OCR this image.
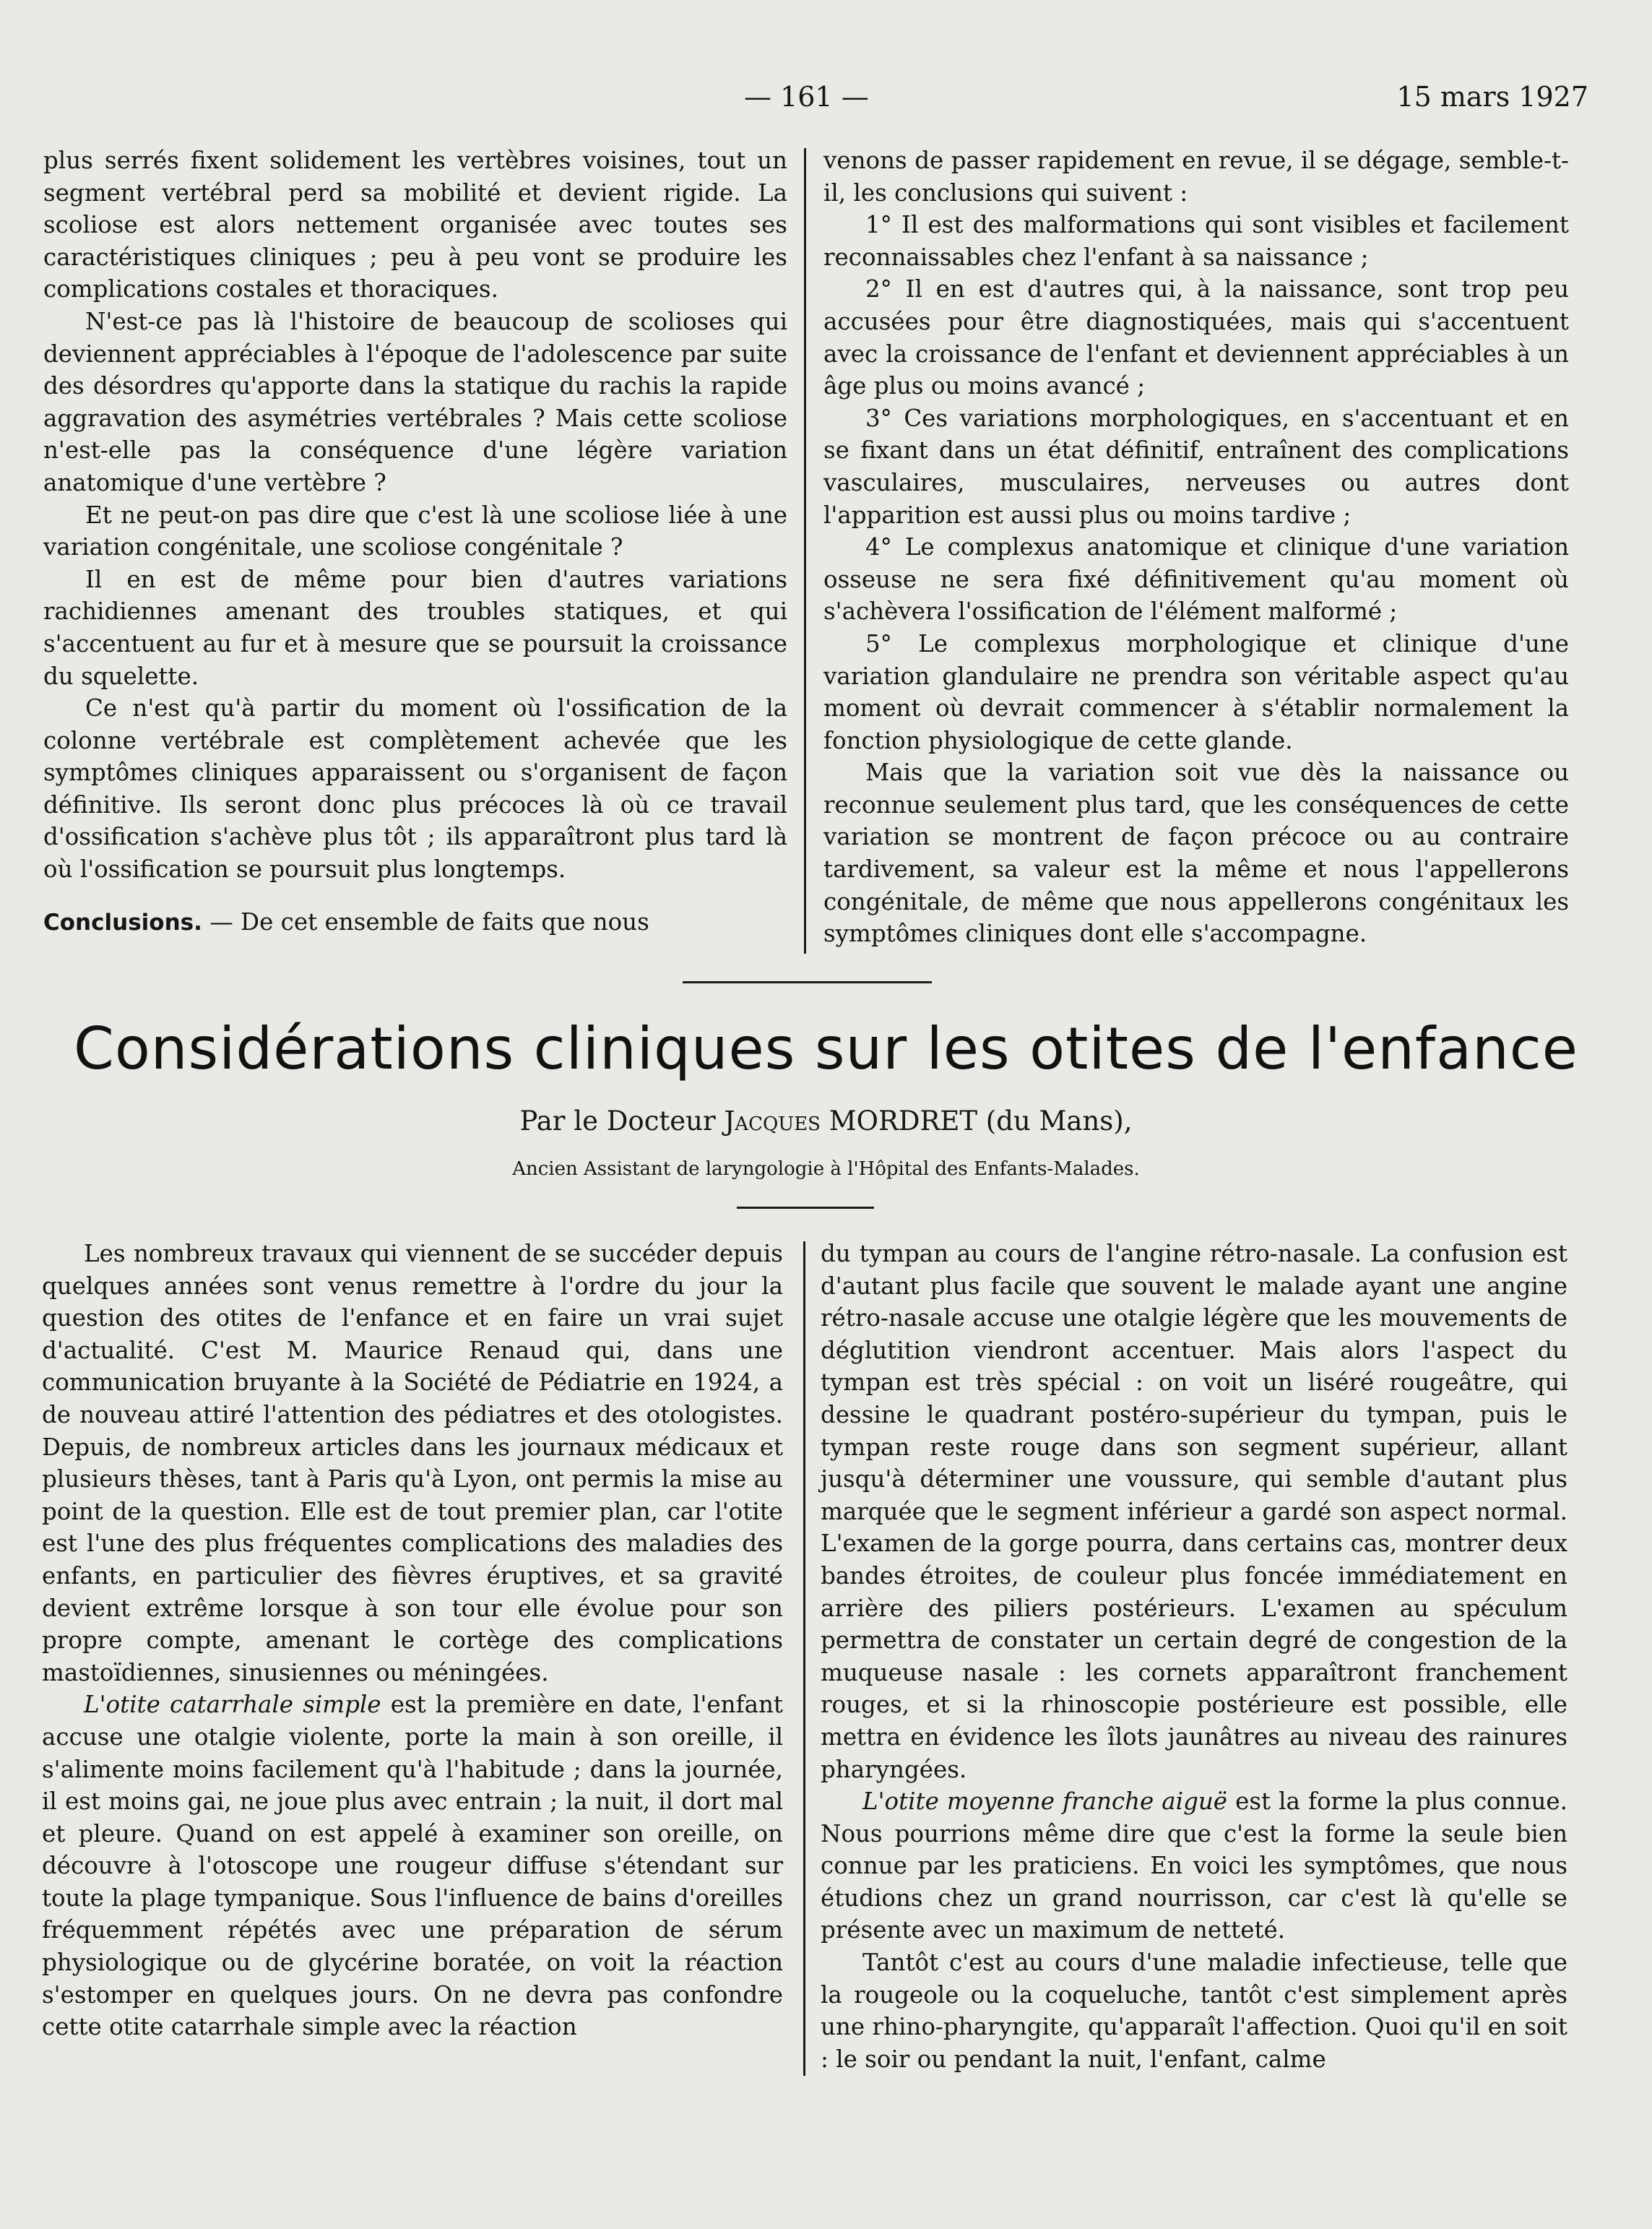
— 161 —	15 mars 1927

plus serrés fixent solidement les vertèbres voisines, tout un segment vertébral perd sa mobilité et devient rigide. La scoliose est alors nettement organisée avec toutes ses caractéristiques cliniques ; peu à peu vont se produire les complications costales et thoraciques.

N'est-ce pas là l'histoire de beaucoup de scolioses qui deviennent appréciables à l'époque de l'adolescence par suite des désordres qu'apporte dans la statique du rachis la rapide aggravation des asymétries vertébrales ? Mais cette scoliose n'est-elle pas la conséquence d'une légère variation anatomique d'une vertèbre ?

Et ne peut-on pas dire que c'est là une scoliose liée à une variation congénitale, une scoliose congénitale ?

Il en est de même pour bien d'autres variations rachidiennes amenant des troubles statiques, et qui s'accentuent au fur et à mesure que se poursuit la croissance du squelette.

Ce n'est qu'à partir du moment où l'ossification de la colonne vertébrale est complètement achevée que les symptômes cliniques apparaissent ou s'organisent de façon définitive. Ils seront donc plus précoces là où ce travail d'ossification s'achève plus tôt ; ils apparaîtront plus tard là où l'ossification se poursuit plus longtemps.

Conclusions. — De cet ensemble de faits que nous

venons de passer rapidement en revue, il se dégage, semble-t-il, les conclusions qui suivent :

1° Il est des malformations qui sont visibles et facilement reconnaissables chez l'enfant à sa naissance ;

2° Il en est d'autres qui, à la naissance, sont trop peu accusées pour être diagnostiquées, mais qui s'accentuent avec la croissance de l'enfant et deviennent appréciables à un âge plus ou moins avancé ;

3° Ces variations morphologiques, en s'accentuant et en se fixant dans un état définitif, entraînent des complications vasculaires, musculaires, nerveuses ou autres dont l'apparition est aussi plus ou moins tardive ;

4° Le complexus anatomique et clinique d'une variation osseuse ne sera fixé définitivement qu'au moment où s'achèvera l'ossification de l'élément malformé ;

5° Le complexus morphologique et clinique d'une variation glandulaire ne prendra son véritable aspect qu'au moment où devrait commencer à s'établir normalement la fonction physiologique de cette glande.

Mais que la variation soit vue dès la naissance ou reconnue seulement plus tard, que les conséquences de cette variation se montrent de façon précoce ou au contraire tardivement, sa valeur est la même et nous l'appellerons congénitale, de même que nous appellerons congénitaux les symptômes cliniques dont elle s'accompagne.

Considérations cliniques sur les otites de l'enfance
Par le Docteur Jacques MORDRET (du Mans),
Ancien Assistant de laryngologie à l'Hôpital des Enfants-Malades.

Les nombreux travaux qui viennent de se succéder depuis quelques années sont venus remettre à l'ordre du jour la question des otites de l'enfance et en faire un vrai sujet d'actualité. C'est M. Maurice Renaud qui, dans une communication bruyante à la Société de Pédiatrie en 1924, a de nouveau attiré l'attention des pédiatres et des otologistes. Depuis, de nombreux articles dans les journaux médicaux et plusieurs thèses, tant à Paris qu'à Lyon, ont permis la mise au point de la question. Elle est de tout premier plan, car l'otite est l'une des plus fréquentes complications des maladies des enfants, en particulier des fièvres éruptives, et sa gravité devient extrême lorsque à son tour elle évolue pour son propre compte, amenant le cortège des complications mastoïdiennes, sinusiennes ou méningées.

L'otite catarrhale simple est la première en date, l'enfant accuse une otalgie violente, porte la main à son oreille, il s'alimente moins facilement qu'à l'habitude ; dans la journée, il est moins gai, ne joue plus avec entrain ; la nuit, il dort mal et pleure. Quand on est appelé à examiner son oreille, on découvre à l'otoscope une rougeur diffuse s'étendant sur toute la plage tympanique. Sous l'influence de bains d'oreilles fréquemment répétés avec une préparation de sérum physiologique ou de glycérine boratée, on voit la réaction s'estomper en quelques jours. On ne devra pas confondre cette otite catarrhale simple avec la réaction

du tympan au cours de l'angine rétro-nasale. La confusion est d'autant plus facile que souvent le malade ayant une angine rétro-nasale accuse une otalgie légère que les mouvements de déglutition viendront accentuer. Mais alors l'aspect du tympan est très spécial : on voit un liséré rougeâtre, qui dessine le quadrant postéro-supérieur du tympan, puis le tympan reste rouge dans son segment supérieur, allant jusqu'à déterminer une voussure, qui semble d'autant plus marquée que le segment inférieur a gardé son aspect normal. L'examen de la gorge pourra, dans certains cas, montrer deux bandes étroites, de couleur plus foncée immédiatement en arrière des piliers postérieurs. L'examen au spéculum permettra de constater un certain degré de congestion de la muqueuse nasale : les cornets apparaîtront franchement rouges, et si la rhinoscopie postérieure est possible, elle mettra en évidence les îlots jaunâtres au niveau des rainures pharyngées.

L'otite moyenne franche aiguë est la forme la plus connue. Nous pourrions même dire que c'est la forme la seule bien connue par les praticiens. En voici les symptômes, que nous étudions chez un grand nourrisson, car c'est là qu'elle se présente avec un maximum de netteté.

Tantôt c'est au cours d'une maladie infectieuse, telle que la rougeole ou la coqueluche, tantôt c'est simplement après une rhino-pharyngite, qu'apparaît l'affection. Quoi qu'il en soit : le soir ou pendant la nuit, l'enfant, calme
